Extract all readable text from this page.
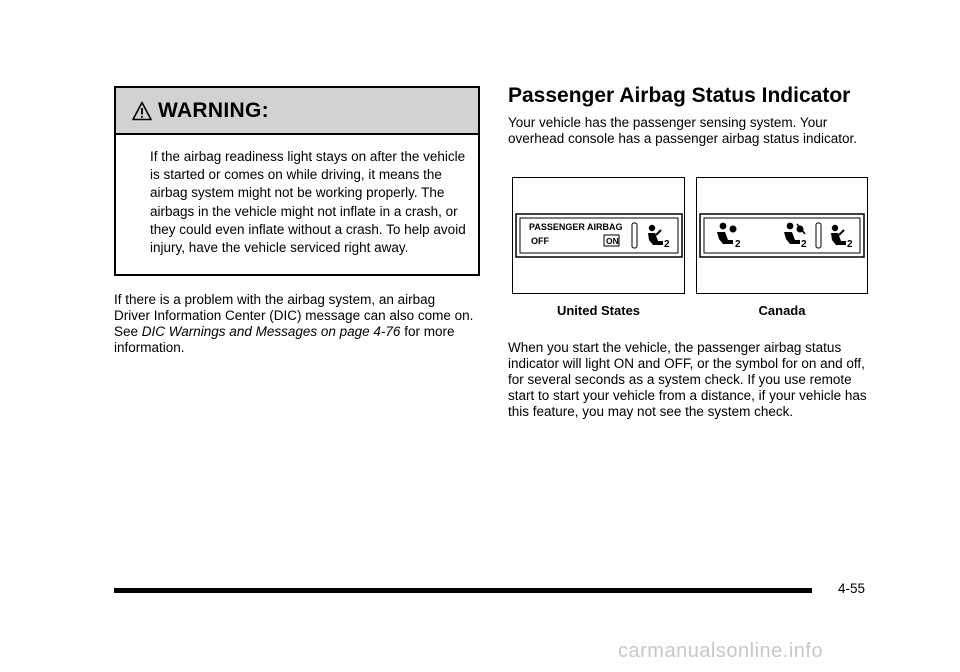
WARNING:
If the airbag readiness light stays on after the vehicle is started or comes on while driving, it means the airbag system might not be working properly. The airbags in the vehicle might not inflate in a crash, or they could even inflate without a crash. To help avoid injury, have the vehicle serviced right away.
If there is a problem with the airbag system, an airbag Driver Information Center (DIC) message can also come on. See DIC Warnings and Messages on page 4-76 for more information.
Passenger Airbag Status Indicator
Your vehicle has the passenger sensing system. Your overhead console has a passenger airbag status indicator.
PASSENGER AIRBAG
OFF	ON	2
United States
2	2	2
Canada
When you start the vehicle, the passenger airbag status indicator will light ON and OFF, or the symbol for on and off, for several seconds as a system check. If you use remote start to start your vehicle from a distance, if your vehicle has this feature, you may not see the system check.
4-55
carmanualsonline.info
